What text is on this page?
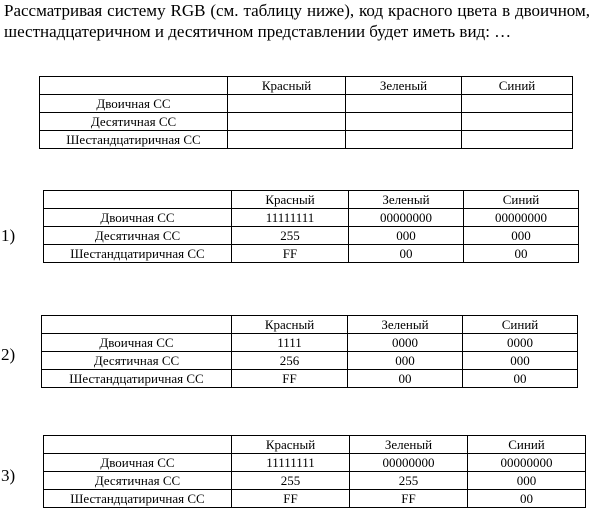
Рассматривая систему RGB (см. таблицу ниже), код красного цвета в двоичном, шестнадцатеричном и десятичном представлении будет иметь вид: …
	Красный	Зеленый	Синий
Двоичная СС			
Десятичная СС			
Шестандцатиричная СС			
1)
	Красный	Зеленый	Синий
Двоичная СС	11111111	00000000	00000000
Десятичная СС	255	000	000
Шестандцатиричная СС	FF	00	00
2)
	Красный	Зеленый	Синий
Двоичная СС	1111	0000	0000
Десятичная СС	256	000	000
Шестандцатиричная СС	FF	00	00
3)
	Красный	Зеленый	Синий
Двоичная СС	11111111	00000000	00000000
Десятичная СС	255	255	000
Шестандцатиричная СС	FF	FF	00
